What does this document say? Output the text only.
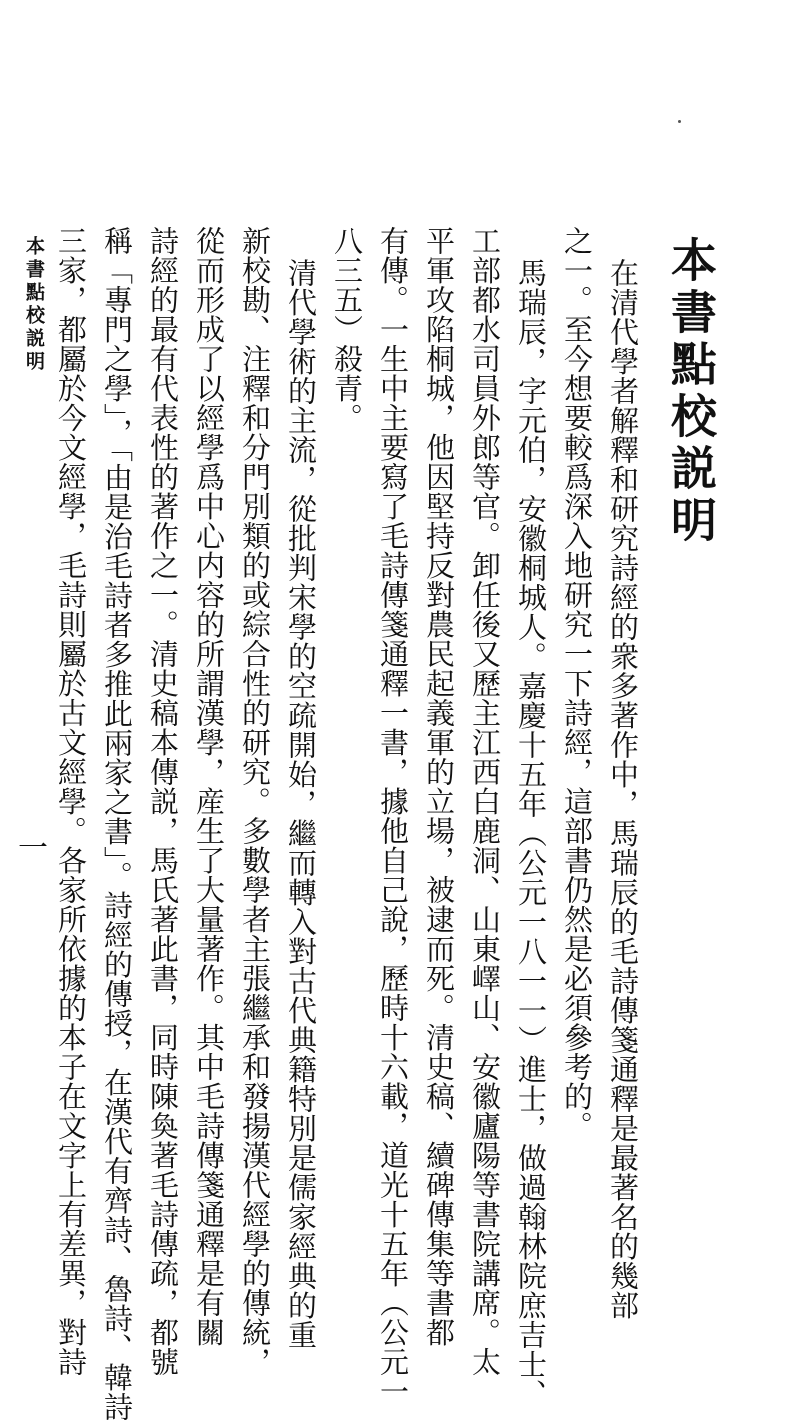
本書點校説明
在清代學者解釋和研究詩經的衆多著作中，馬瑞辰的毛詩傳箋通釋是最著名的幾部
之一。至今想要較爲深入地研究一下詩經，這部書仍然是必須參考的。
馬瑞辰，字元伯，安徽桐城人。嘉慶十五年（公元一八一一）進士，做過翰林院庶吉士、
工部都水司員外郎等官。卸任後又歷主江西白鹿洞、山東嶧山、安徽廬陽等書院講席。太
平軍攻陷桐城，他因堅持反對農民起義軍的立場，被逮而死。清史稿、續碑傳集等書都
有傳。一生中主要寫了毛詩傳箋通釋一書，據他自己說，歷時十六載，道光十五年（公元一
八三五）殺青。
清代學術的主流，從批判宋學的空疏開始，繼而轉入對古代典籍特別是儒家經典的重
新校勘、注釋和分門別類的或綜合性的研究。多數學者主張繼承和發揚漢代經學的傳統，
從而形成了以經學爲中心内容的所謂漢學，産生了大量著作。其中毛詩傳箋通釋是有關
詩經的最有代表性的著作之一。清史稿本傳説，馬氏著此書，同時陳奐著毛詩傳疏，都號
稱「專門之學」，「由是治毛詩者多推此兩家之書」。詩經的傳授，在漢代有齊詩、魯詩、韓詩
三家，都屬於今文經學，毛詩則屬於古文經學。各家所依據的本子在文字上有差異，對詩
本書點校説明
一
